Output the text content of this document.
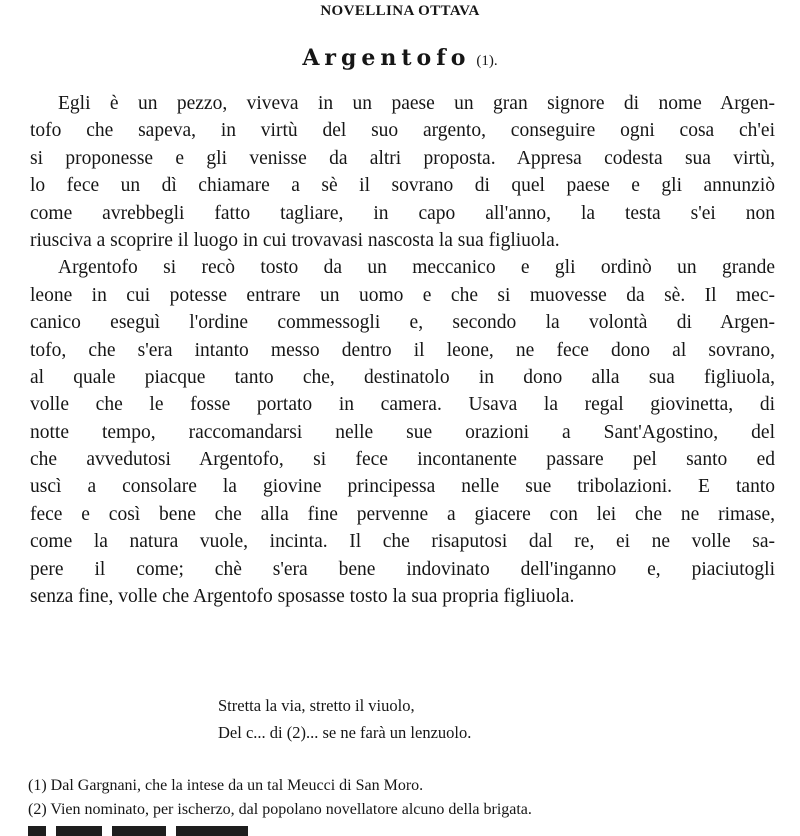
NOVELLINA OTTAVA
Argentofo (1).
Egli è un pezzo, viveva in un paese un gran signore di nome Argen-
tofo che sapeva, in virtù del suo argento, conseguire ogni cosa ch'ei
si proponesse e gli venisse da altri proposta. Appresa codesta sua virtù,
lo fece un dì chiamare a sè il sovrano di quel paese e gli annunziò
come avrebbegli fatto tagliare, in capo all'anno, la testa s'ei non
riusciva a scoprire il luogo in cui trovavasi nascosta la sua figliuola.
Argentofo si recò tosto da un meccanico e gli ordinò un grande
leone in cui potesse entrare un uomo e che si muovesse da sè. Il mec-
canico eseguì l'ordine commessogli e, secondo la volontà di Argen-
tofo, che s'era intanto messo dentro il leone, ne fece dono al sovrano,
al quale piacque tanto che, destinatolo in dono alla sua figliuola,
volle che le fosse portato in camera. Usava la regal giovinetta, di
notte tempo, raccomandarsi nelle sue orazioni a Sant'Agostino, del
che avvedutosi Argentofo, si fece incontanente passare pel santo ed
uscì a consolare la giovine principessa nelle sue tribolazioni. E tanto
fece e così bene che alla fine pervenne a giacere con lei che ne rimase,
come la natura vuole, incinta. Il che risaputosi dal re, ei ne volle sa-
pere il come; chè s'era bene indovinato dell'inganno e, piaciutogli
senza fine, volle che Argentofo sposasse tosto la sua propria figliuola.
Stretta la via, stretto il viuolo,
Del c... di (2)... se ne farà un lenzuolo.
(1) Dal Gargnani, che la intese da un tal Meucci di San Moro.
(2) Vien nominato, per ischerzo, dal popolano novellatore alcuno della brigata.
